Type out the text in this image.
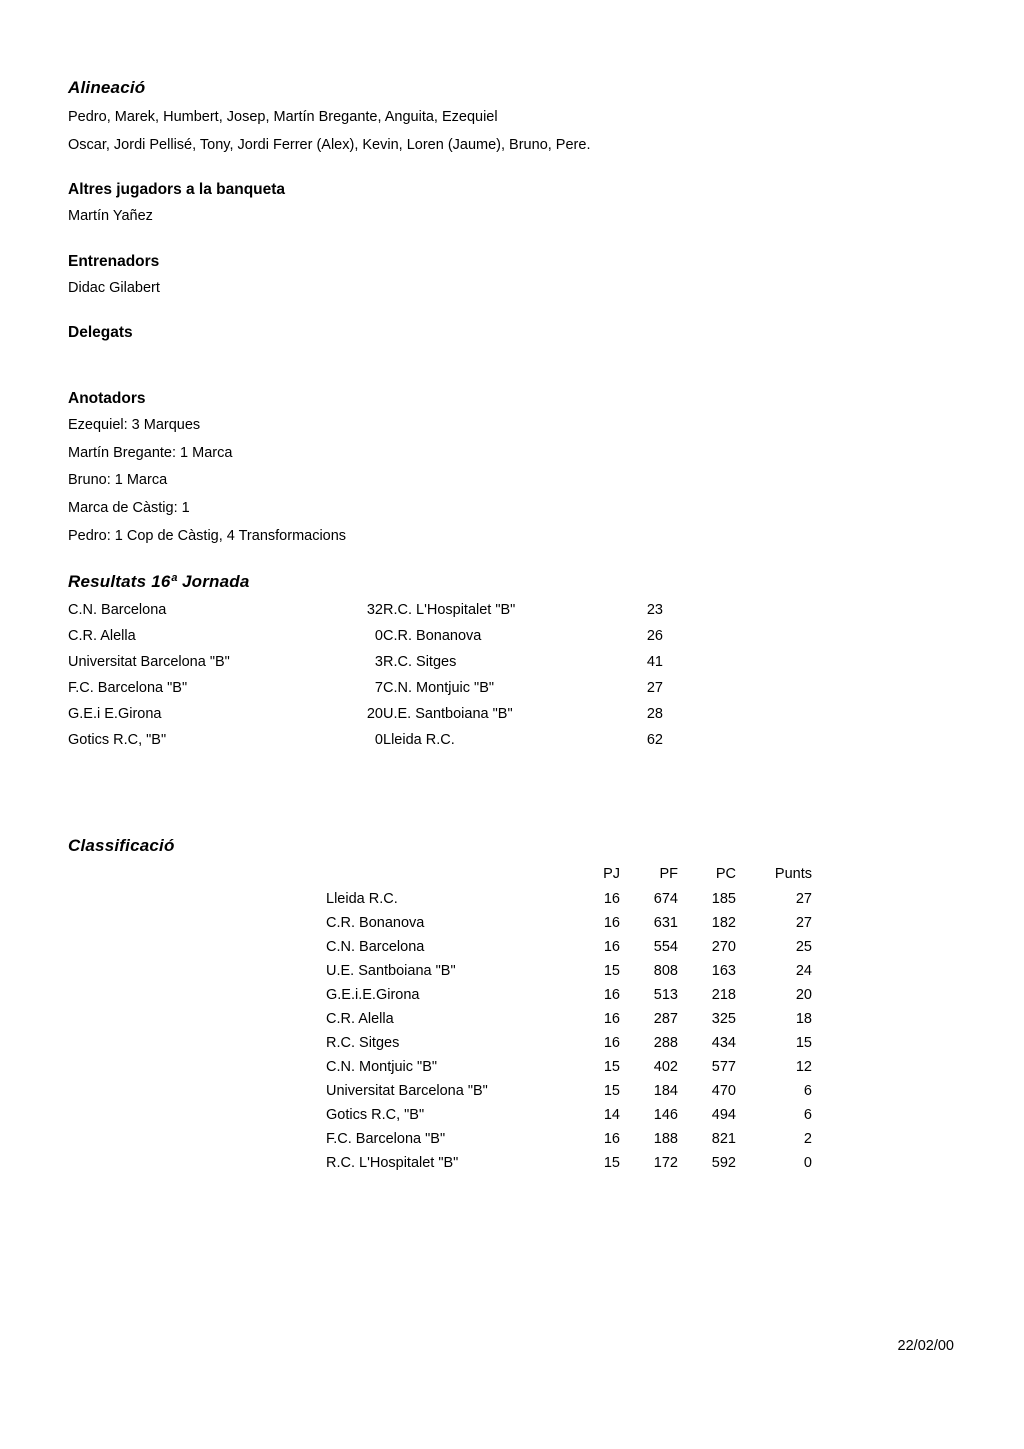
Alineació

Pedro, Marek, Humbert, Josep, Martín Bregante, Anguita, Ezequiel

Oscar, Jordi Pellisé, Tony, Jordi Ferrer (Alex), Kevin, Loren (Jaume), Bruno, Pere.

Altres jugadors a la banqueta

Martín Yañez

Entrenadors

Didac Gilabert

Delegats
Anotadors

Ezequiel: 3 Marques

Martín Bregante: 1 Marca

Bruno: 1 Marca

Marca de Càstig: 1

Pedro: 1 Cop de Càstig, 4 Transformacions

Resultats 16ª Jornada
C.N. Barcelona	32	R.C. L'Hospitalet "B"	23
C.R. Alella	0	C.R. Bonanova	26
Universitat Barcelona "B"	3	R.C. Sitges	41
F.C. Barcelona "B"	7	C.N. Montjuic "B"	27
G.E.i E.Girona	20	U.E. Santboiana "B"	28
Gotics R.C, "B"	0	Lleida R.C.	62
Classificació
	PJ	PF	PC	Punts
Lleida R.C.	16	674	185	27
C.R. Bonanova	16	631	182	27
C.N. Barcelona	16	554	270	25
U.E. Santboiana "B"	15	808	163	24
G.E.i.E.Girona	16	513	218	20
C.R. Alella	16	287	325	18
R.C. Sitges	16	288	434	15
C.N. Montjuic "B"	15	402	577	12
Universitat Barcelona "B"	15	184	470	6
Gotics R.C, "B"	14	146	494	6
F.C. Barcelona "B"	16	188	821	2
R.C. L'Hospitalet "B"	15	172	592	0
22/02/00
